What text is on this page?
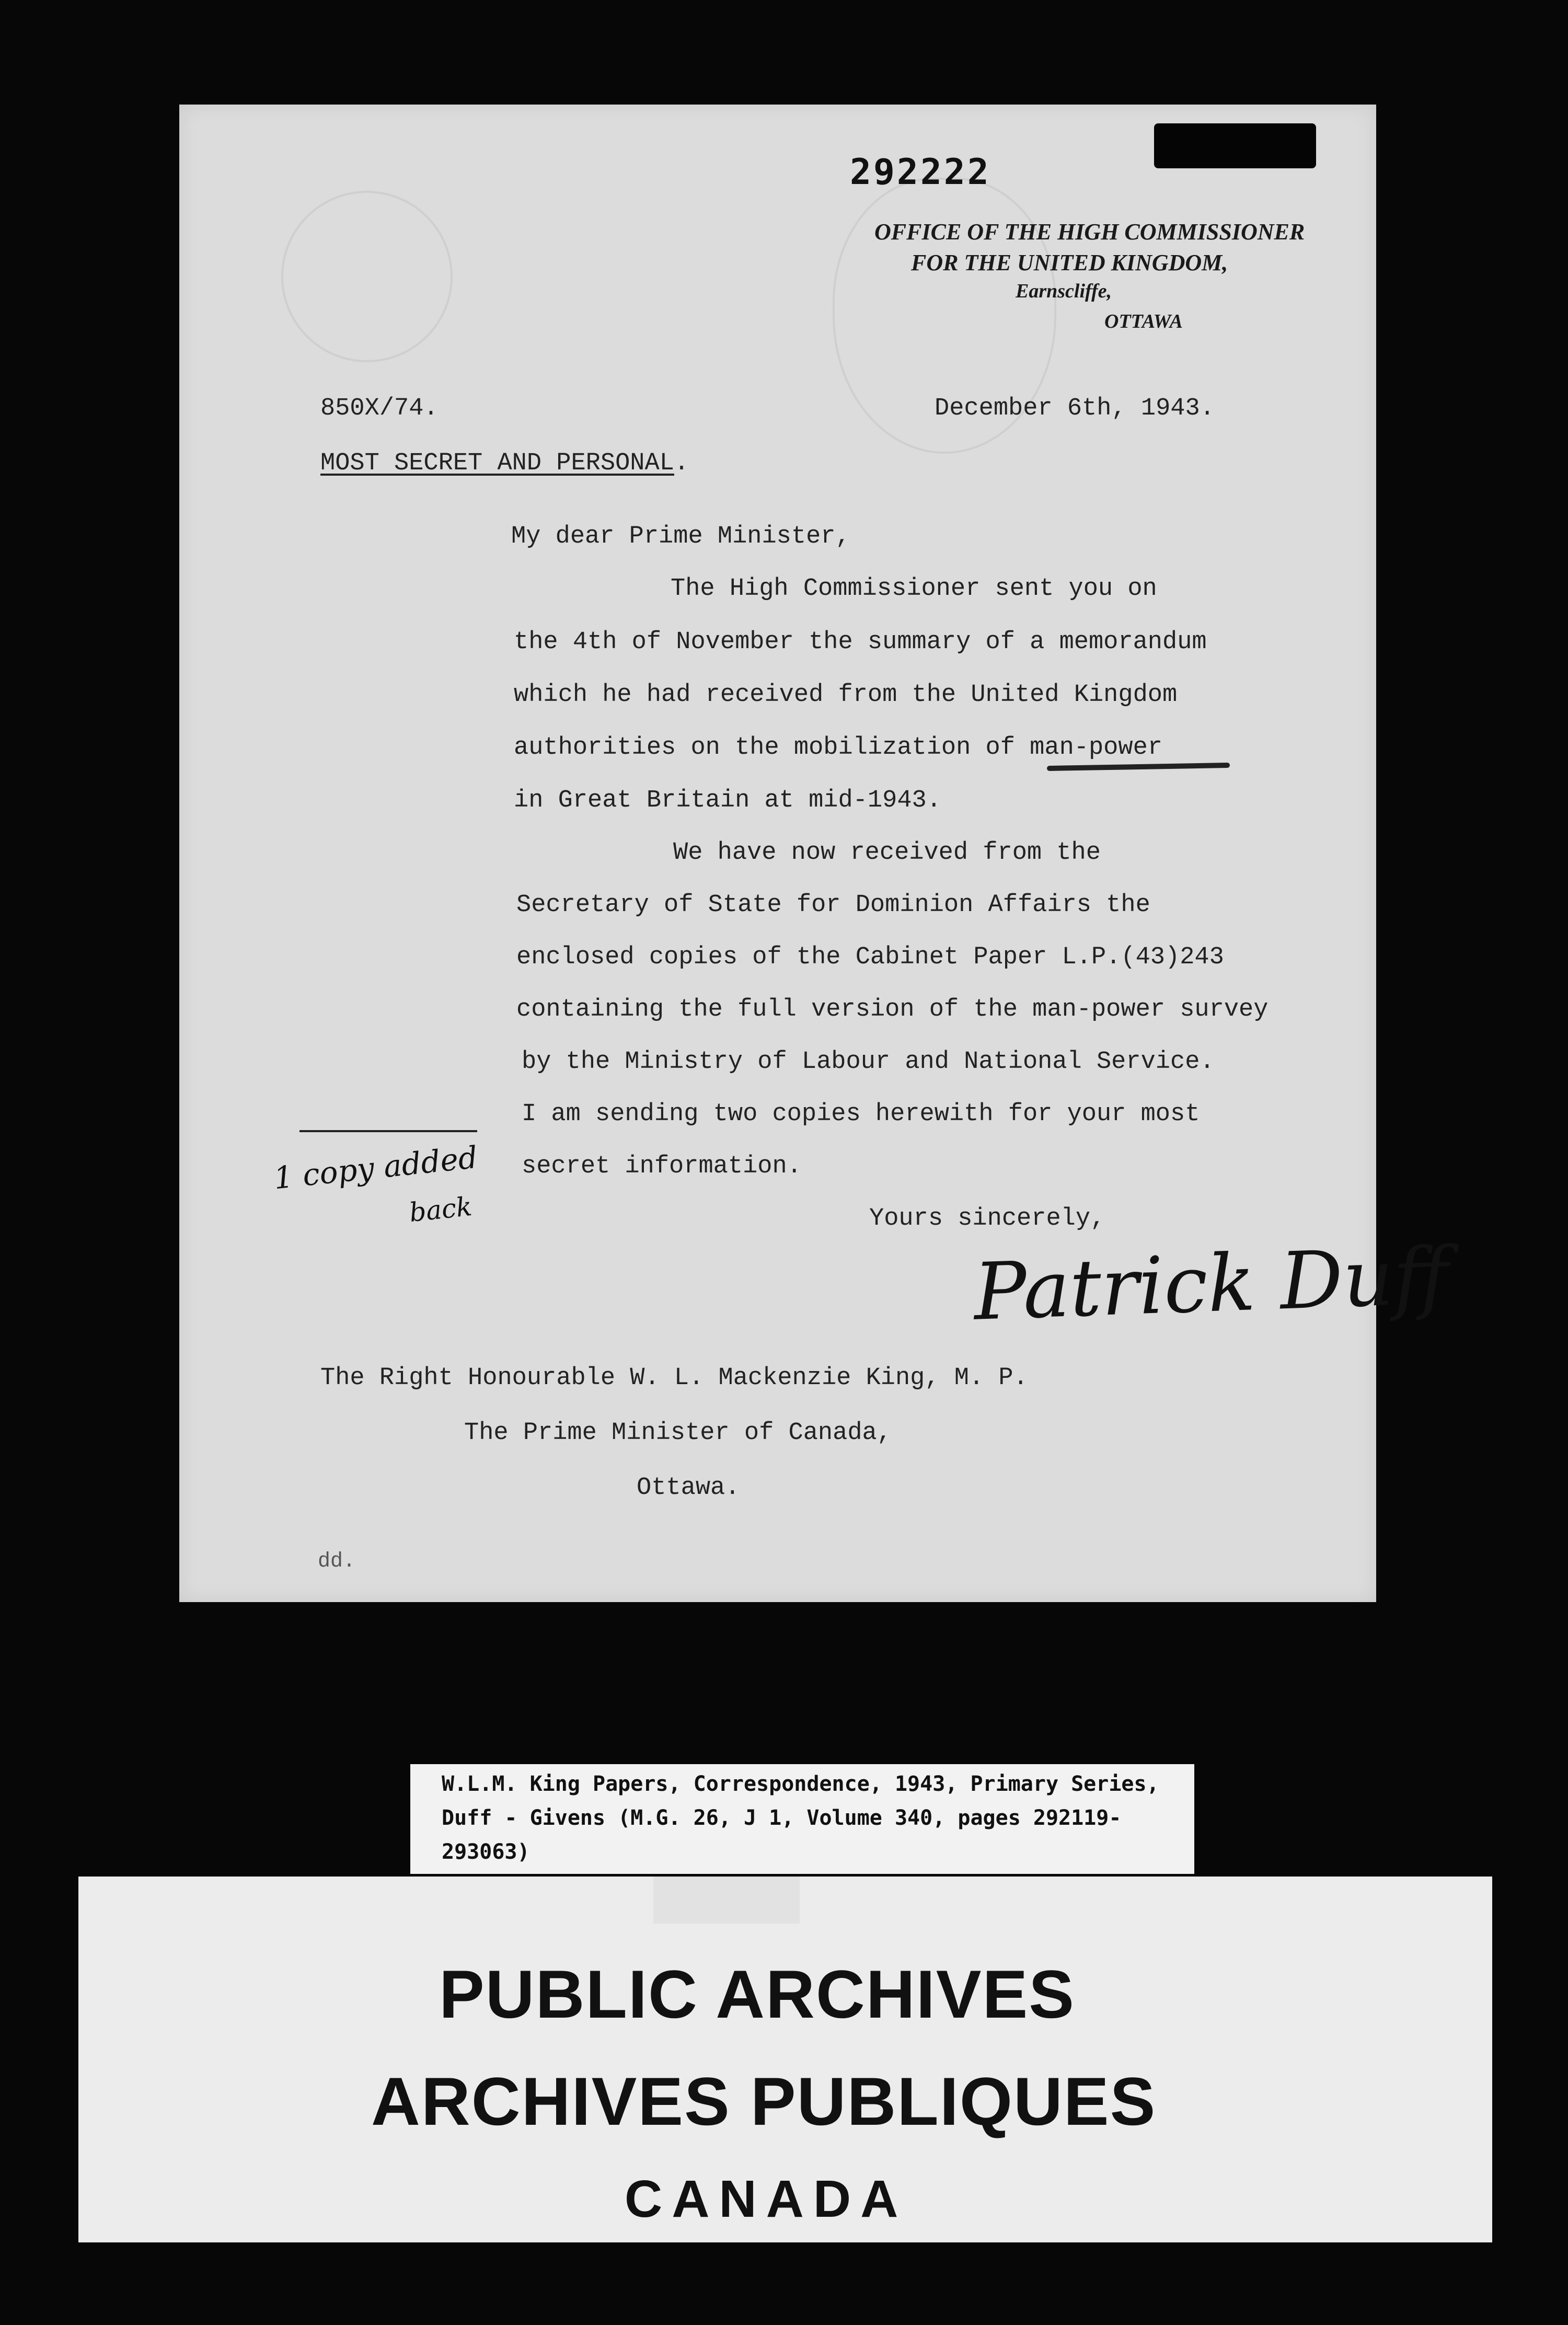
292222
OFFICE OF THE HIGH COMMISSIONER
FOR THE UNITED KINGDOM,
Earnscliffe,
OTTAWA
850X/74.	December 6th, 1943.
MOST SECRET AND PERSONAL.
My dear Prime Minister,
The High Commissioner sent you on
the 4th of November the summary of a memorandum
which he had received from the United Kingdom
authorities on the mobilization of man-power
in Great Britain at mid-1943.
We have now received from the
Secretary of State for Dominion Affairs the
enclosed copies of the Cabinet Paper L.P.(43)243
containing the full version of the man-power survey
by the Ministry of Labour and National Service.
I am sending two copies herewith for your most
secret information.
1 copy added
back	Yours sincerely,
Patrick Duff
The Right Honourable W. L. Mackenzie King, M. P.
The Prime Minister of Canada,
Ottawa.
dd.
W.L.M. King Papers, Correspondence, 1943, Primary Series,
Duff - Givens (M.G. 26, J 1, Volume 340, pages 292119-
293063)
PUBLIC ARCHIVES
ARCHIVES PUBLIQUES
CANADA
